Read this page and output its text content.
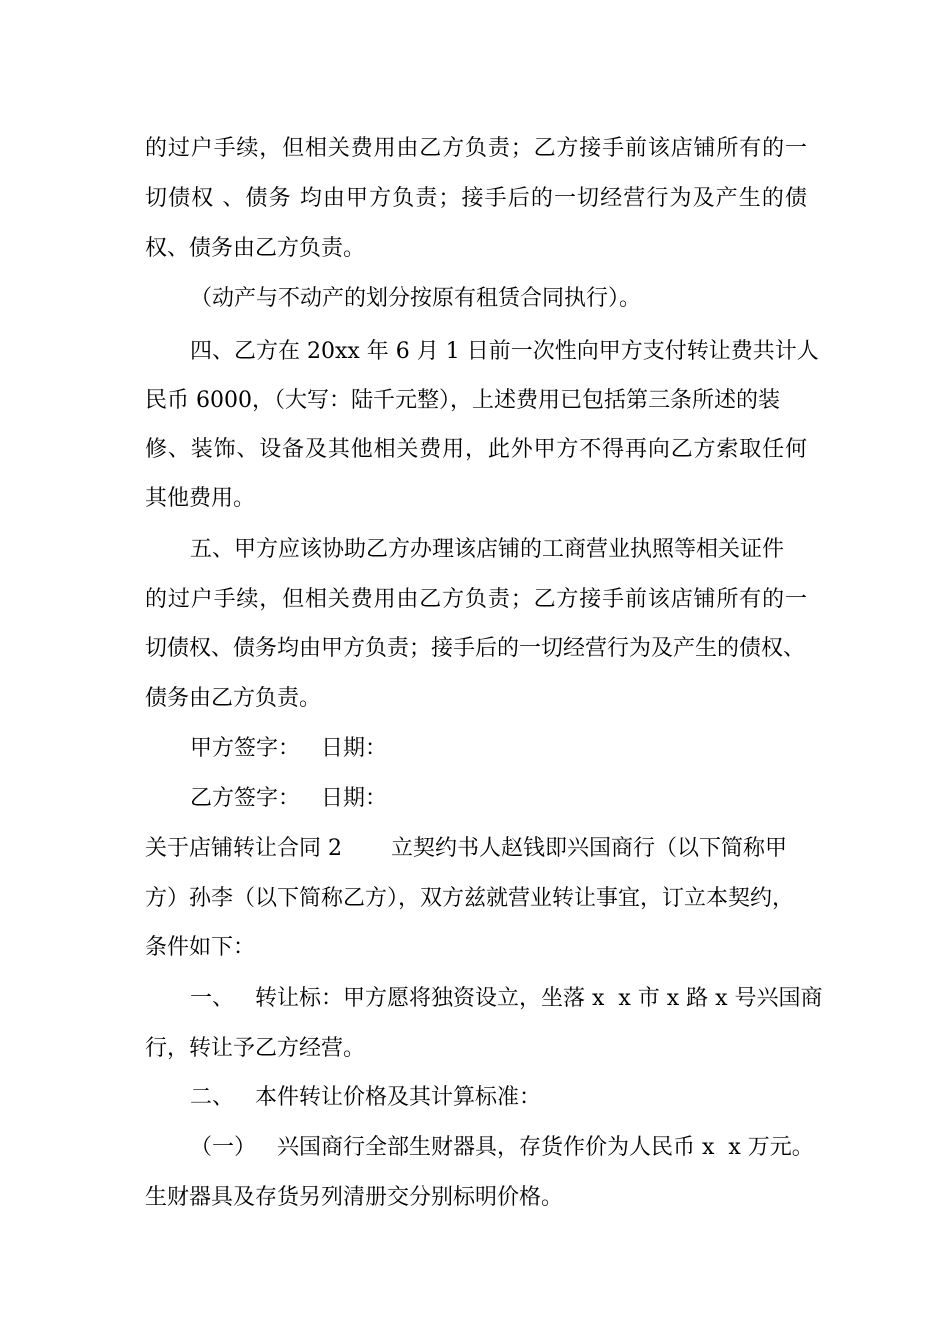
的过户手续，但相关费用由乙方负责；乙方接手前该店铺所有的一

切债权 、债务 均由甲方负责；接手后的一切经营行为及产生的债

权、债务由乙方负责。

（动产与不动产的划分按原有租赁合同执行）。

四、乙方在 20xx 年 6 月 1 日前一次性向甲方支付转让费共计人

民币 6000，（大写：陆千元整），上述费用已包括第三条所述的装

修、装饰、设备及其他相关费用，此外甲方不得再向乙方索取任何

其他费用。

五、甲方应该协助乙方办理该店铺的工商营业执照等相关证件

的过户手续，但相关费用由乙方负责；乙方接手前该店铺所有的一

切债权、债务均由甲方负责；接手后的一切经营行为及产生的债权、

债务由乙方负责。

甲方签字：   日期：

乙方签字：   日期：

关于店铺转让合同 2       立契约书人赵钱即兴国商行（以下简称甲

方）孙李（以下简称乙方），双方兹就营业转让事宜，订立本契约，

条件如下：

一、   转让标：甲方愿将独资设立，坐落 x  x 市 x 路 x 号兴国商

行，转让予乙方经营。

二、   本件转让价格及其计算标准：

（一）   兴国商行全部生财器具，存货作价为人民币 x  x 万元。

生财器具及存货另列清册交分别标明价格。
